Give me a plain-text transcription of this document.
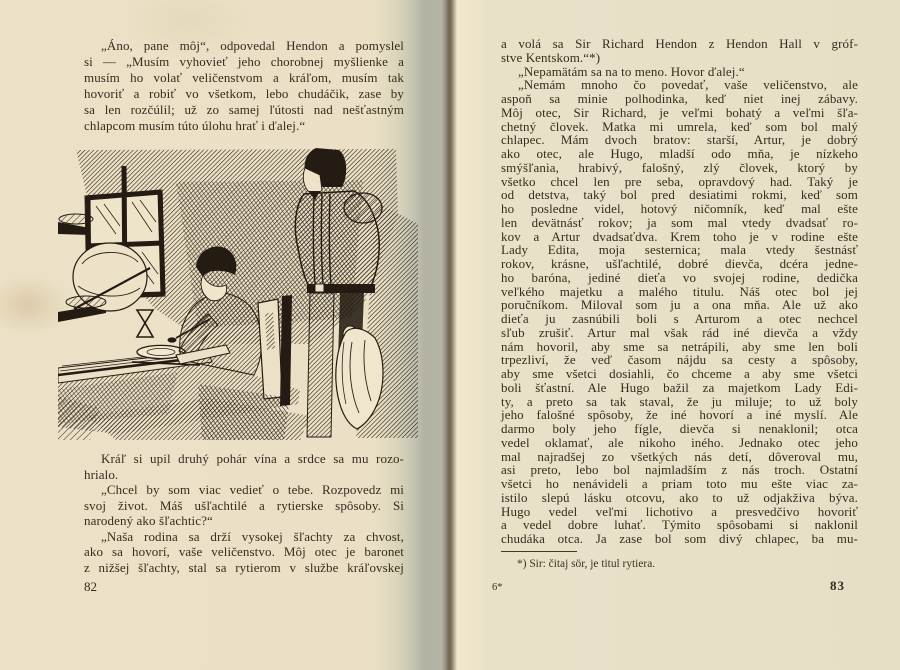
„Áno, pane môj“, odpovedal Hendon a pomyslel
si — „Musím vyhovieť jeho chorobnej myšlienke a
musím ho volať veličenstvom a kráľom, musím tak
hovoriť a robiť vo všetkom, lebo chudáčik, zase by
sa len rozčúlil; už zo samej ľútosti nad nešťastným
chlapcom musím túto úlohu hrať i ďalej.“
Kráľ si upil druhý pohár vína a srdce sa mu rozo-
hrialo.
„Chcel by som viac vedieť o tebe. Rozpovedz mi
svoj život. Máš ušľachtilé a rytierske spôsoby. Si
narodený ako šľachtic?“
„Naša rodina sa drží vysokej šľachty za chvost,
ako sa hovorí, vaše veličenstvo. Môj otec je baronet
z nižšej šľachty, stal sa rytierom v službe kráľovskej
82
a volá sa Sir Richard Hendon z Hendon Hall v gróf-
stve Kentskom.“*)
„Nepamätám sa na to meno. Hovor ďalej.“
„Nemám mnoho čo povedať, vaše veličenstvo, ale
aspoň sa minie polhodinka, keď niet inej zábavy.
Môj otec, Sir Richard, je veľmi bohatý a veľmi šľa-
chetný človek. Matka mi umrela, keď som bol malý
chlapec. Mám dvoch bratov: starší, Artur, je dobrý
ako otec, ale Hugo, mladší odo mňa, je nízkeho
smýšľania, hrabivý, falošný, zlý človek, ktorý by
všetko chcel len pre seba, opravdový had. Taký je
od detstva, taký bol pred desiatimi rokmi, keď som
ho posledne videl, hotový ničomník, keď mal ešte
len devätnásť rokov; ja som mal vtedy dvadsať ro-
kov a Artur dvadsaťdva. Krem toho je v rodine ešte
Lady Edita, moja sesternica; mala vtedy šestnásť
rokov, krásne, ušľachtilé, dobré dievča, dcéra jedne-
ho baróna, jediné dieťa vo svojej rodine, dedička
veľkého majetku a malého titulu. Náš otec bol jej
poručníkom. Miloval som ju a ona mňa. Ale už ako
dieťa ju zasnúbili boli s Arturom a otec nechcel
sľub zrušiť. Artur mal však rád iné dievča a vždy
nám hovoril, aby sme sa netrápili, aby sme len boli
trpezliví, že veď časom nájdu sa cesty a spôsoby,
aby sme všetci dosiahli, čo chceme a aby sme všetci
boli šťastní. Ale Hugo bažil za majetkom Lady Edi-
ty, a preto sa tak staval, že ju miluje; to už boly
jeho falošné spôsoby, že iné hovorí a iné myslí. Ale
darmo boly jeho fígle, dievča si nenaklonil; otca
vedel oklamať, ale nikoho iného. Jednako otec jeho
mal najradšej zo všetkých nás detí, dôveroval mu,
asi preto, lebo bol najmladším z nás troch. Ostatní
všetci ho nenávideli a priam toto mu ešte viac za-
istilo slepú lásku otcovu, ako to už odjakživa býva.
Hugo vedel veľmi lichotivo a presvedčivo hovoriť
a vedel dobre luhať. Týmito spôsobami si naklonil
chudáka otca. Ja zase bol som divý chlapec, ba mu-
*) Sir: čitaj sör, je titul rytiera.
6*	83
